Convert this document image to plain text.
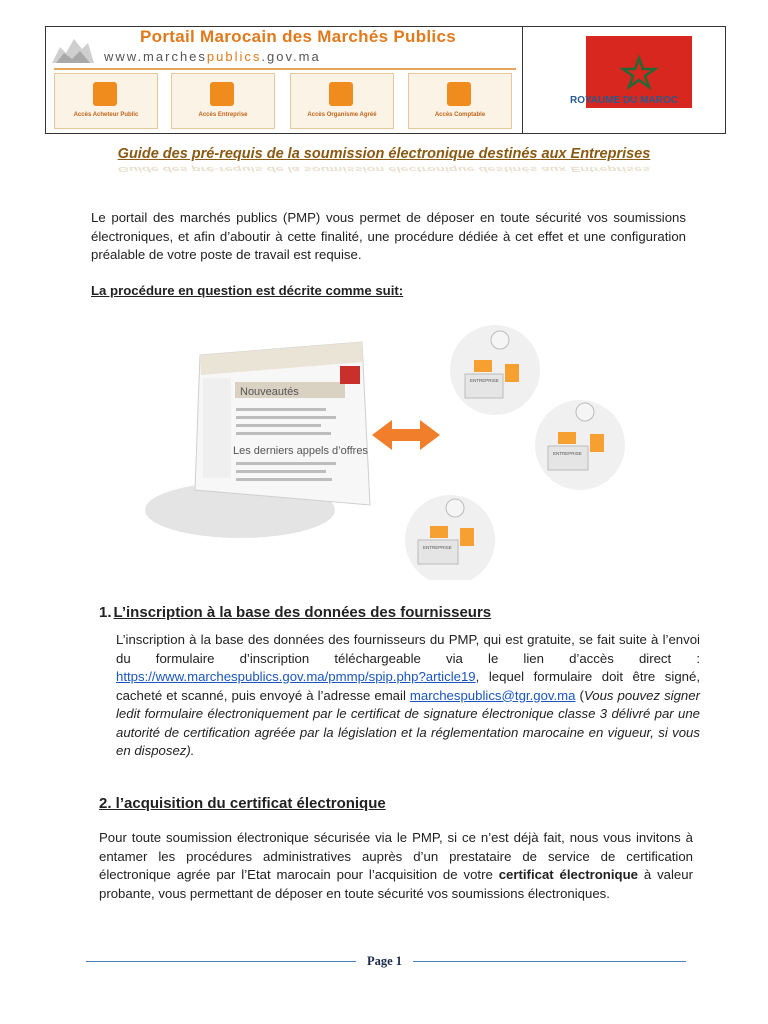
Portail Marocain des Marchés Publics
www.marchespublics.gov.ma
Accès Acheteur Public	Accès Entreprise	Accès Organisme Agréé	Accès Comptable
ROYAUME DU MAROC
Guide des pré-requis de la soumission électronique destinés aux Entreprises
Guide des pré-requis de la soumission électronique destinés aux Entreprises

Le portail des marchés publics (PMP) vous permet de déposer en toute sécurité vos soumissions électroniques, et afin d’aboutir à cette finalité, une procédure dédiée à cet effet et une configuration préalable de votre poste de travail est requise.

La procédure en question est décrite comme suit:

Nouveautés
Les derniers appels d’offres
ENTREPRISE
ENTREPRISE
ENTREPRISE
1. L’inscription à la base des données des fournisseurs

L’inscription à la base des données des fournisseurs du PMP, qui est gratuite, se fait suite à l’envoi du formulaire d’inscription téléchargeable via le lien d’accès direct : https://www.marchespublics.gov.ma/pmmp/spip.php?article19, lequel formulaire doit être signé, cacheté et scanné, puis envoyé à l’adresse email marchespublics@tgr.gov.ma (Vous pouvez signer ledit formulaire électroniquement par le certificat de signature électronique classe 3 délivré par une autorité de certification agréée par la législation et la réglementation marocaine en vigueur, si vous en disposez).

2. l’acquisition du certificat électronique

Pour toute soumission électronique sécurisée via le PMP, si ce n’est déjà fait, nous vous invitons à entamer les procédures administratives auprès d’un prestataire de service de certification électronique agrée par l’Etat marocain pour l’acquisition de votre certificat électronique à valeur probante, vous permettant de déposer en toute sécurité vos soumissions électroniques.

Page 1
